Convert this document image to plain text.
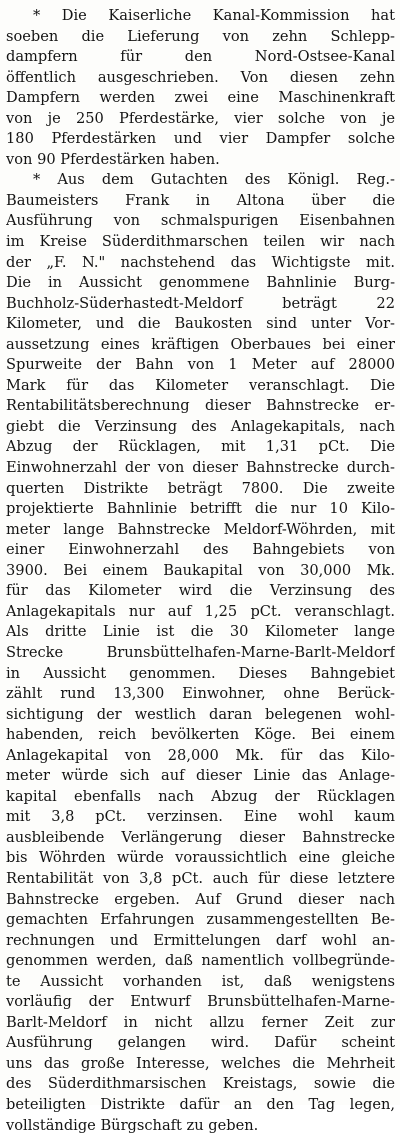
* Die Kaiserliche Kanal-Kommission hat
soeben die Lieferung von zehn Schlepp-
dampfern für den Nord-Ostsee-Kanal
öffentlich ausgeschrieben. Von diesen zehn
Dampfern werden zwei eine Maschinenkraft
von je 250 Pferdestärke, vier solche von je
180 Pferdestärken und vier Dampfer solche
von 90 Pferdestärken haben.
* Aus dem Gutachten des Königl. Reg.-
Baumeisters Frank in Altona über die
Ausführung von schmalspurigen Eisenbahnen
im Kreise Süderdithmarschen teilen wir nach
der „F. N." nachstehend das Wichtigste mit.
Die in Aussicht genommene Bahnlinie Burg-
Buchholz-Süderhastedt-Meldorf beträgt 22
Kilometer, und die Baukosten sind unter Vor-
aussetzung eines kräftigen Oberbaues bei einer
Spurweite der Bahn von 1 Meter auf 28000
Mark für das Kilometer veranschlagt. Die
Rentabilitätsberechnung dieser Bahnstrecke er-
giebt die Verzinsung des Anlagekapitals, nach
Abzug der Rücklagen, mit 1,31 pCt. Die
Einwohnerzahl der von dieser Bahnstrecke durch-
querten Distrikte beträgt 7800. Die zweite
projektierte Bahnlinie betrifft die nur 10 Kilo-
meter lange Bahnstrecke Meldorf-Wöhrden, mit
einer Einwohnerzahl des Bahngebiets von
3900. Bei einem Baukapital von 30,000 Mk.
für das Kilometer wird die Verzinsung des
Anlagekapitals nur auf 1,25 pCt. veranschlagt.
Als dritte Linie ist die 30 Kilometer lange
Strecke Brunsbüttelhafen-Marne-Barlt-Meldorf
in Aussicht genommen. Dieses Bahngebiet
zählt rund 13,300 Einwohner, ohne Berück-
sichtigung der westlich daran belegenen wohl-
habenden, reich bevölkerten Köge. Bei einem
Anlagekapital von 28,000 Mk. für das Kilo-
meter würde sich auf dieser Linie das Anlage-
kapital ebenfalls nach Abzug der Rücklagen
mit 3,8 pCt. verzinsen. Eine wohl kaum
ausbleibende Verlängerung dieser Bahnstrecke
bis Wöhrden würde voraussichtlich eine gleiche
Rentabilität von 3,8 pCt. auch für diese letztere
Bahnstrecke ergeben. Auf Grund dieser nach
gemachten Erfahrungen zusammengestellten Be-
rechnungen und Ermittelungen darf wohl an-
genommen werden, daß namentlich vollbegründe-
te Aussicht vorhanden ist, daß wenigstens
vorläufig der Entwurf Brunsbüttelhafen-Marne-
Barlt-Meldorf in nicht allzu ferner Zeit zur
Ausführung gelangen wird. Dafür scheint
uns das große Interesse, welches die Mehrheit
des Süderdithmarsischen Kreistags, sowie die
beteiligten Distrikte dafür an den Tag legen,
vollständige Bürgschaft zu geben.
